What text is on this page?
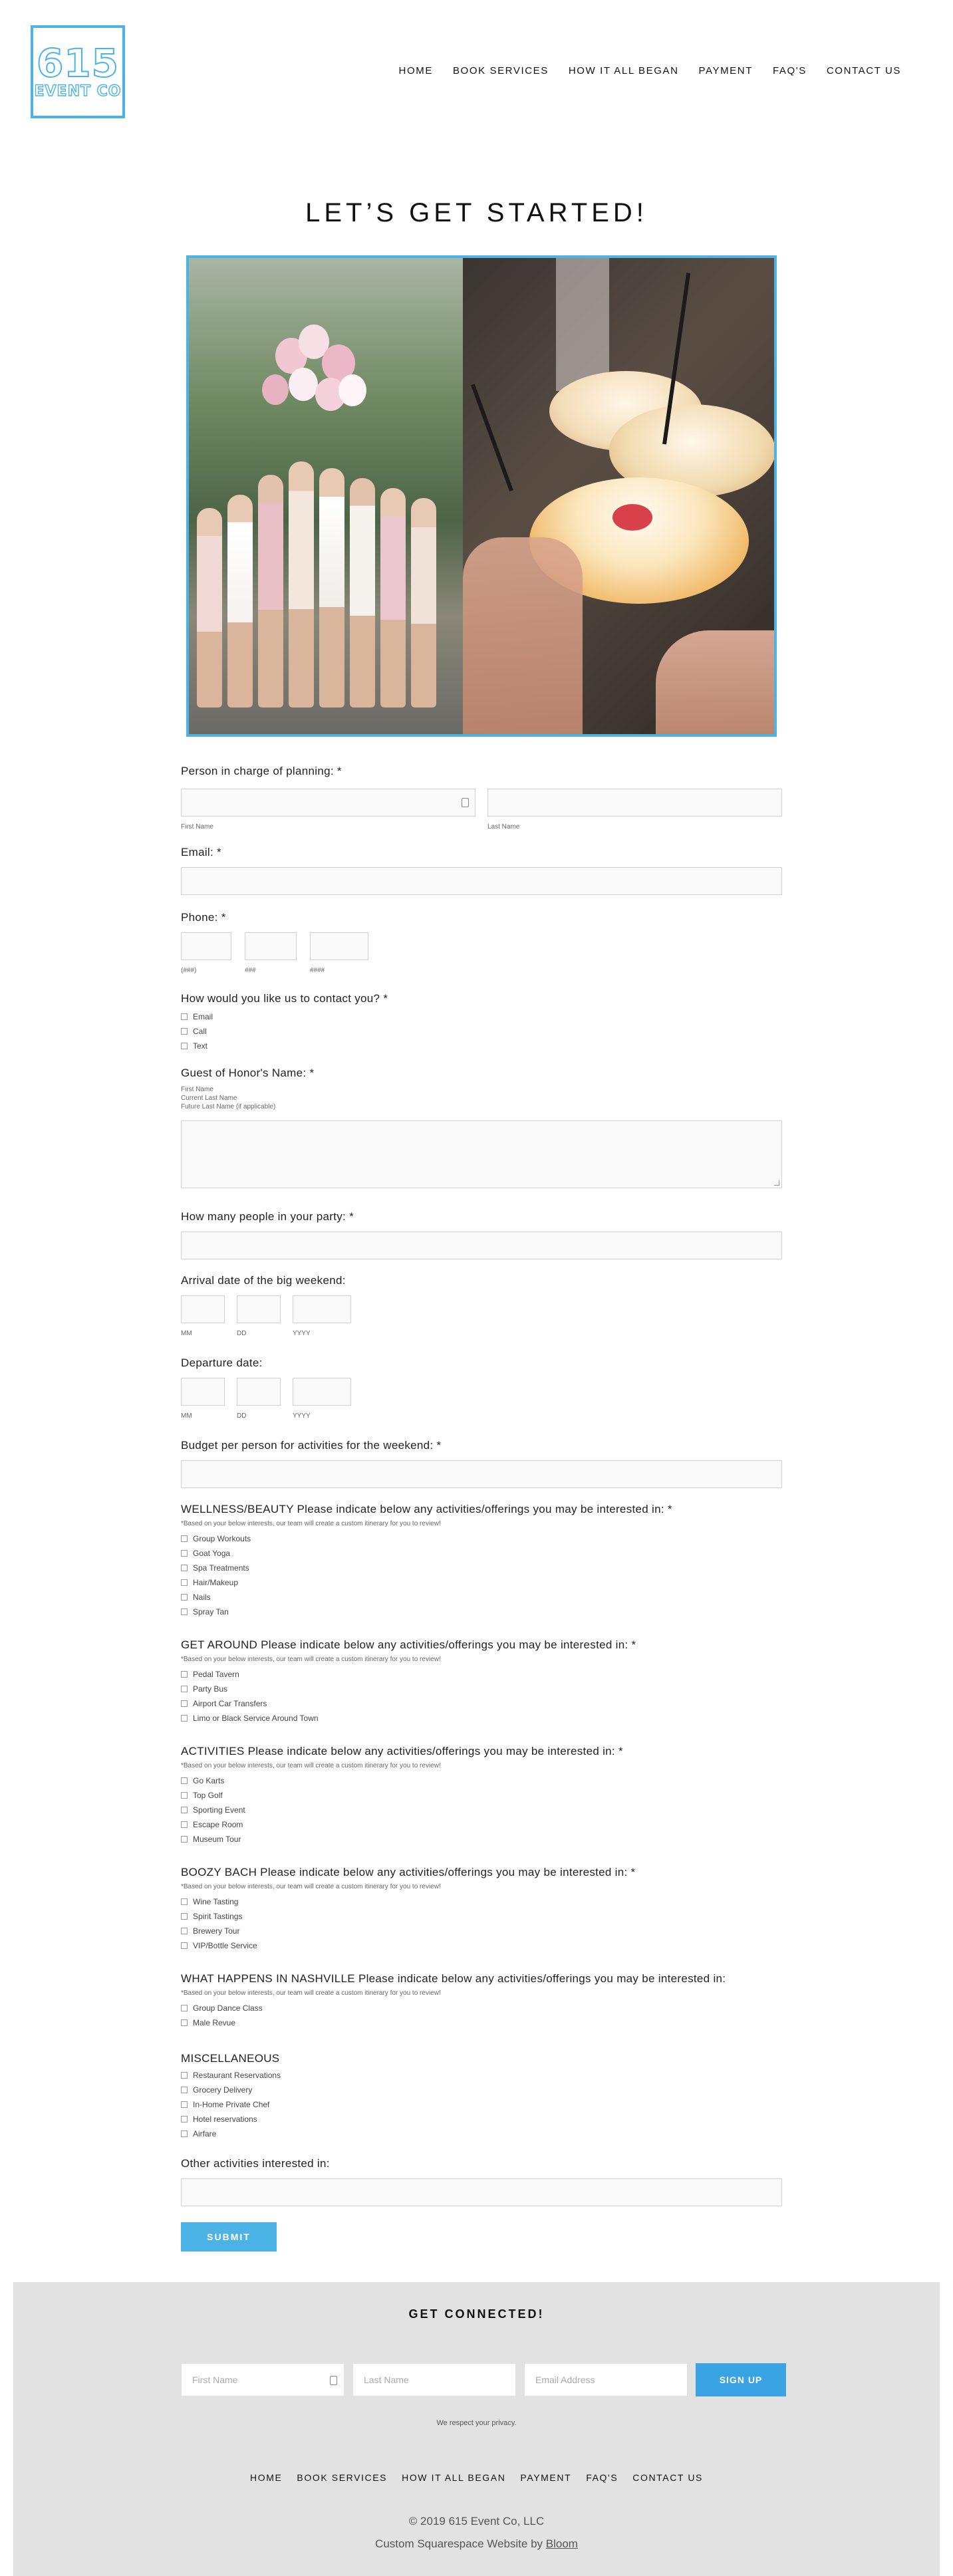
615
EVENT CO
HOME BOOK SERVICES HOW IT ALL BEGAN PAYMENT FAQ'S CONTACT US
LET’S GET STARTED!
Person in charge of planning: *
First Name	Last Name
Email: *
Phone: *
(###)	###	####
How would you like us to contact you? *
Email
Call
Text
Guest of Honor's Name: *
First Name
Current Last Name
Future Last Name (if applicable)
How many people in your party: *
Arrival date of the big weekend:
MM	DD	YYYY
Departure date:
MM	DD	YYYY
Budget per person for activities for the weekend: *
WELLNESS/BEAUTY Please indicate below any activities/offerings you may be interested in: *
*Based on your below interests, our team will create a custom itinerary for you to review!
Group Workouts
Goat Yoga
Spa Treatments
Hair/Makeup
Nails
Spray Tan
GET AROUND Please indicate below any activities/offerings you may be interested in: *
*Based on your below interests, our team will create a custom itinerary for you to review!
Pedal Tavern
Party Bus
Airport Car Transfers
Limo or Black Service Around Town
ACTIVITIES Please indicate below any activities/offerings you may be interested in: *
*Based on your below interests, our team will create a custom itinerary for you to review!
Go Karts
Top Golf
Sporting Event
Escape Room
Museum Tour
BOOZY BACH Please indicate below any activities/offerings you may be interested in: *
*Based on your below interests, our team will create a custom itinerary for you to review!
Wine Tasting
Spirit Tastings
Brewery Tour
VIP/Bottle Service
WHAT HAPPENS IN NASHVILLE Please indicate below any activities/offerings you may be interested in:
*Based on your below interests, our team will create a custom itinerary for you to review!
Group Dance Class
Male Revue
MISCELLANEOUS
Restaurant Reservations
Grocery Delivery
In-Home Private Chef
Hotel reservations
Airfare
Other activities interested in:
SUBMIT
GET CONNECTED!
First Name	Last Name	Email Address	SIGN UP
We respect your privacy.
HOME BOOK SERVICES HOW IT ALL BEGAN PAYMENT FAQ'S CONTACT US
© 2019 615 Event Co, LLC
Custom Squarespace Website by Bloom
